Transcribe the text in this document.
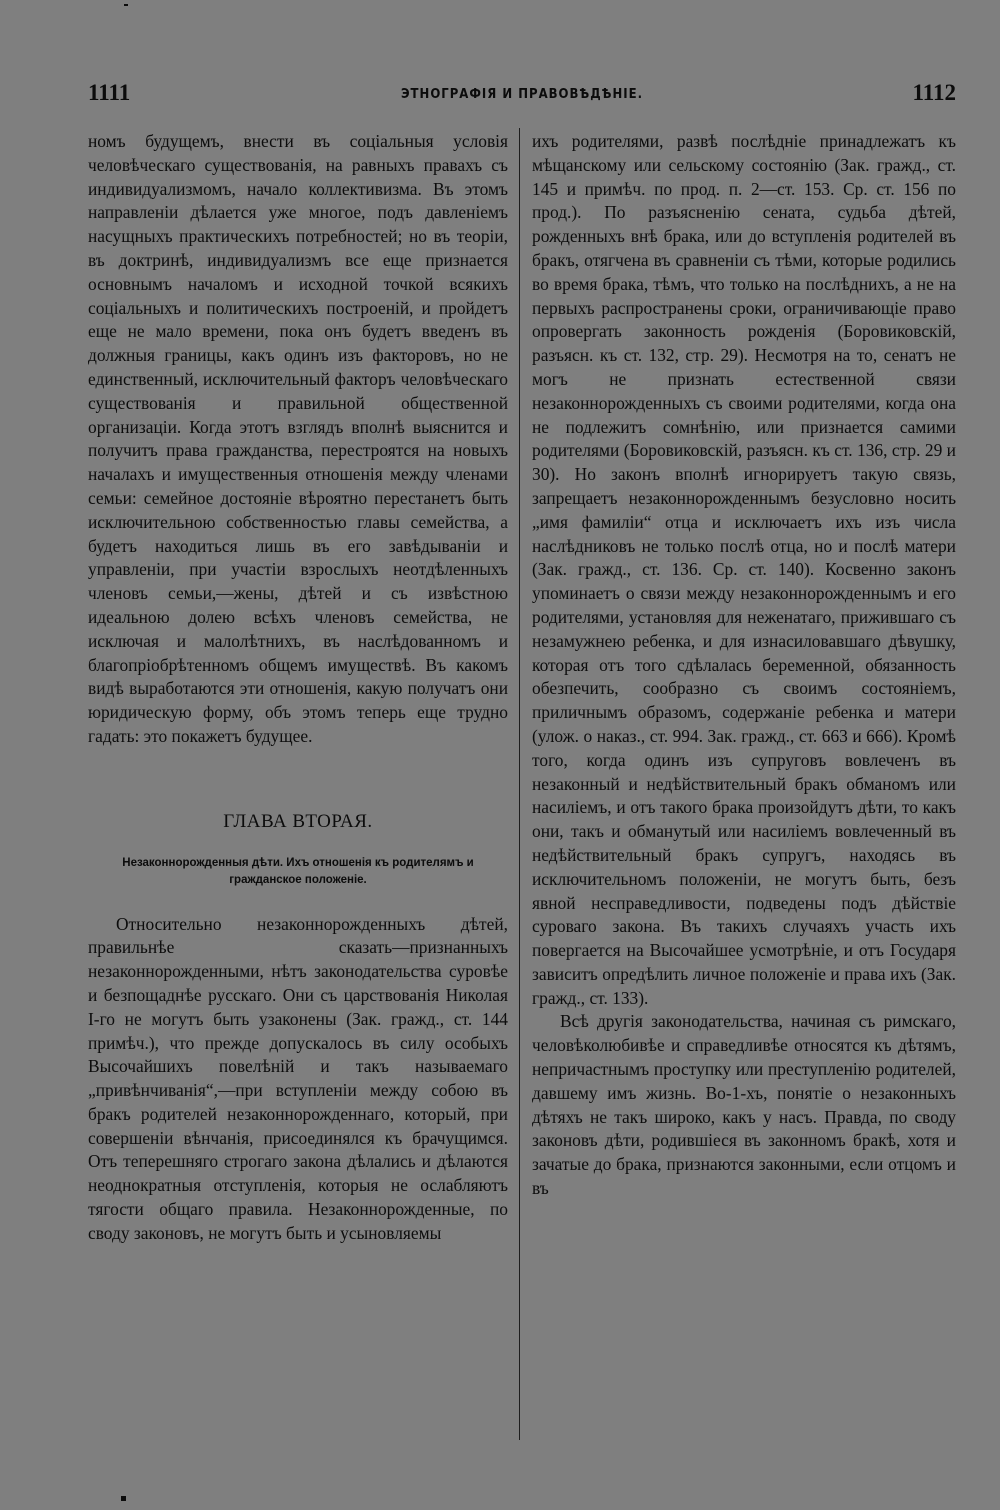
1111	ЭТНОГРАФІЯ И ПРАВОВѢДѢНІЕ.	1112

номъ будущемъ, внести въ соціальныя условія человѣческаго существованія, на равныхъ правахъ съ индивидуализмомъ, начало коллективизма. Въ этомъ направленіи дѣлается уже многое, подъ давленіемъ насущныхъ практическихъ потребностей; но въ теоріи, въ доктринѣ, индивидуализмъ все еще признается основнымъ началомъ и исходной точкой всякихъ соціальныхъ и политическихъ построеній, и пройдетъ еще не мало времени, пока онъ будетъ введенъ въ должныя границы, какъ одинъ изъ факторовъ, но не единственный, исключительный факторъ человѣческаго существованія и правильной общественной организаціи. Когда этотъ взглядъ вполнѣ выяснится и получитъ права гражданства, перестроятся на новыхъ началахъ и имущественныя отношенія между членами семьи: семейное достояніе вѣроятно перестанетъ быть исключительною собственностью главы семейства, а будетъ находиться лишь въ его завѣдываніи и управленіи, при участіи взрослыхъ неотдѣленныхъ членовъ семьи,—жены, дѣтей и съ извѣстною идеальною долею всѣхъ членовъ семейства, не исключая и малолѣтнихъ, въ наслѣдованномъ и благопріобрѣтенномъ общемъ имуществѣ. Въ какомъ видѣ выработаются эти отношенія, какую получатъ они юридическую форму, объ этомъ теперь еще трудно гадать: это покажетъ будущее.

ГЛАВА ВТОРАЯ.
Незаконнорожденныя дѣти. Ихъ отношенія къ родителямъ и гражданское положеніе.

Относительно незаконнорожденныхъ дѣтей, правильнѣе сказать—признанныхъ незаконнорожденными, нѣтъ законодательства суровѣе и безпощаднѣе русскаго. Они съ царствованія Николая I-го не могутъ быть узаконены (Зак. гражд., ст. 144 примѣч.), что прежде допускалось въ силу особыхъ Высочайшихъ повелѣній и такъ называемаго „привѣнчиванія“,—при вступленіи между собою въ бракъ родителей незаконнорожденнаго, который, при совершеніи вѣнчанія, присоединялся къ брачущимся. Отъ теперешняго строгаго закона дѣлались и дѣлаются неоднократныя отступленія, которыя не ослабляютъ тягости общаго правила. Незаконнорожденные, по своду законовъ, не могутъ быть и усыновляемы

ихъ родителями, развѣ послѣдніе принадлежатъ къ мѣщанскому или сельскому состоянію (Зак. гражд., ст. 145 и примѣч. по прод. п. 2—ст. 153. Ср. ст. 156 по прод.). По разъясненію сената, судьба дѣтей, рожденныхъ внѣ брака, или до вступленія родителей въ бракъ, отягчена въ сравненіи съ тѣми, которые родились во время брака, тѣмъ, что только на послѣднихъ, а не на первыхъ распространены сроки, ограничивающіе право опровергать законность рожденія (Боровиковскій, разъясн. къ ст. 132, стр. 29). Несмотря на то, сенатъ не могъ не признать естественной связи незаконнорожденныхъ съ своими родителями, когда она не подлежитъ сомнѣнію, или признается самими родителями (Боровиковскій, разъясн. къ ст. 136, стр. 29 и 30). Но законъ вполнѣ игнорируетъ такую связь, запрещаетъ незаконнорожденнымъ безусловно носить „имя фамиліи“ отца и исключаетъ ихъ изъ числа наслѣдниковъ не только послѣ отца, но и послѣ матери (Зак. гражд., ст. 136. Ср. ст. 140). Косвенно законъ упоминаетъ о связи между незаконнорожденнымъ и его родителями, установляя для неженатаго, прижившаго съ незамужнею ребенка, и для изнасиловавшаго дѣвушку, которая отъ того сдѣлалась беременной, обязанность обезпечить, сообразно съ своимъ состояніемъ, приличнымъ образомъ, содержаніе ребенка и матери (улож. о наказ., ст. 994. Зак. гражд., ст. 663 и 666). Кромѣ того, когда одинъ изъ супруговъ вовлеченъ въ незаконный и недѣйствительный бракъ обманомъ или насиліемъ, и отъ такого брака произойдутъ дѣти, то какъ они, такъ и обманутый или насиліемъ вовлеченный въ недѣйствительный бракъ супругъ, находясь въ исключительномъ положеніи, не могутъ быть, безъ явной несправедливости, подведены подъ дѣйствіе суроваго закона. Въ такихъ случаяхъ участь ихъ повергается на Высочайшее усмотрѣніе, и отъ Государя зависитъ опредѣлить личное положеніе и права ихъ (Зак. гражд., ст. 133).

Всѣ другія законодательства, начиная съ римскаго, человѣколюбивѣе и справедливѣе относятся къ дѣтямъ, непричастнымъ проступку или преступленію родителей, давшему имъ жизнь. Во-1-хъ, понятіе о незаконныхъ дѣтяхъ не такъ широко, какъ у насъ. Правда, по своду законовъ дѣти, родившіеся въ законномъ бракѣ, хотя и зачатые до брака, признаются законными, если отцомъ и въ
